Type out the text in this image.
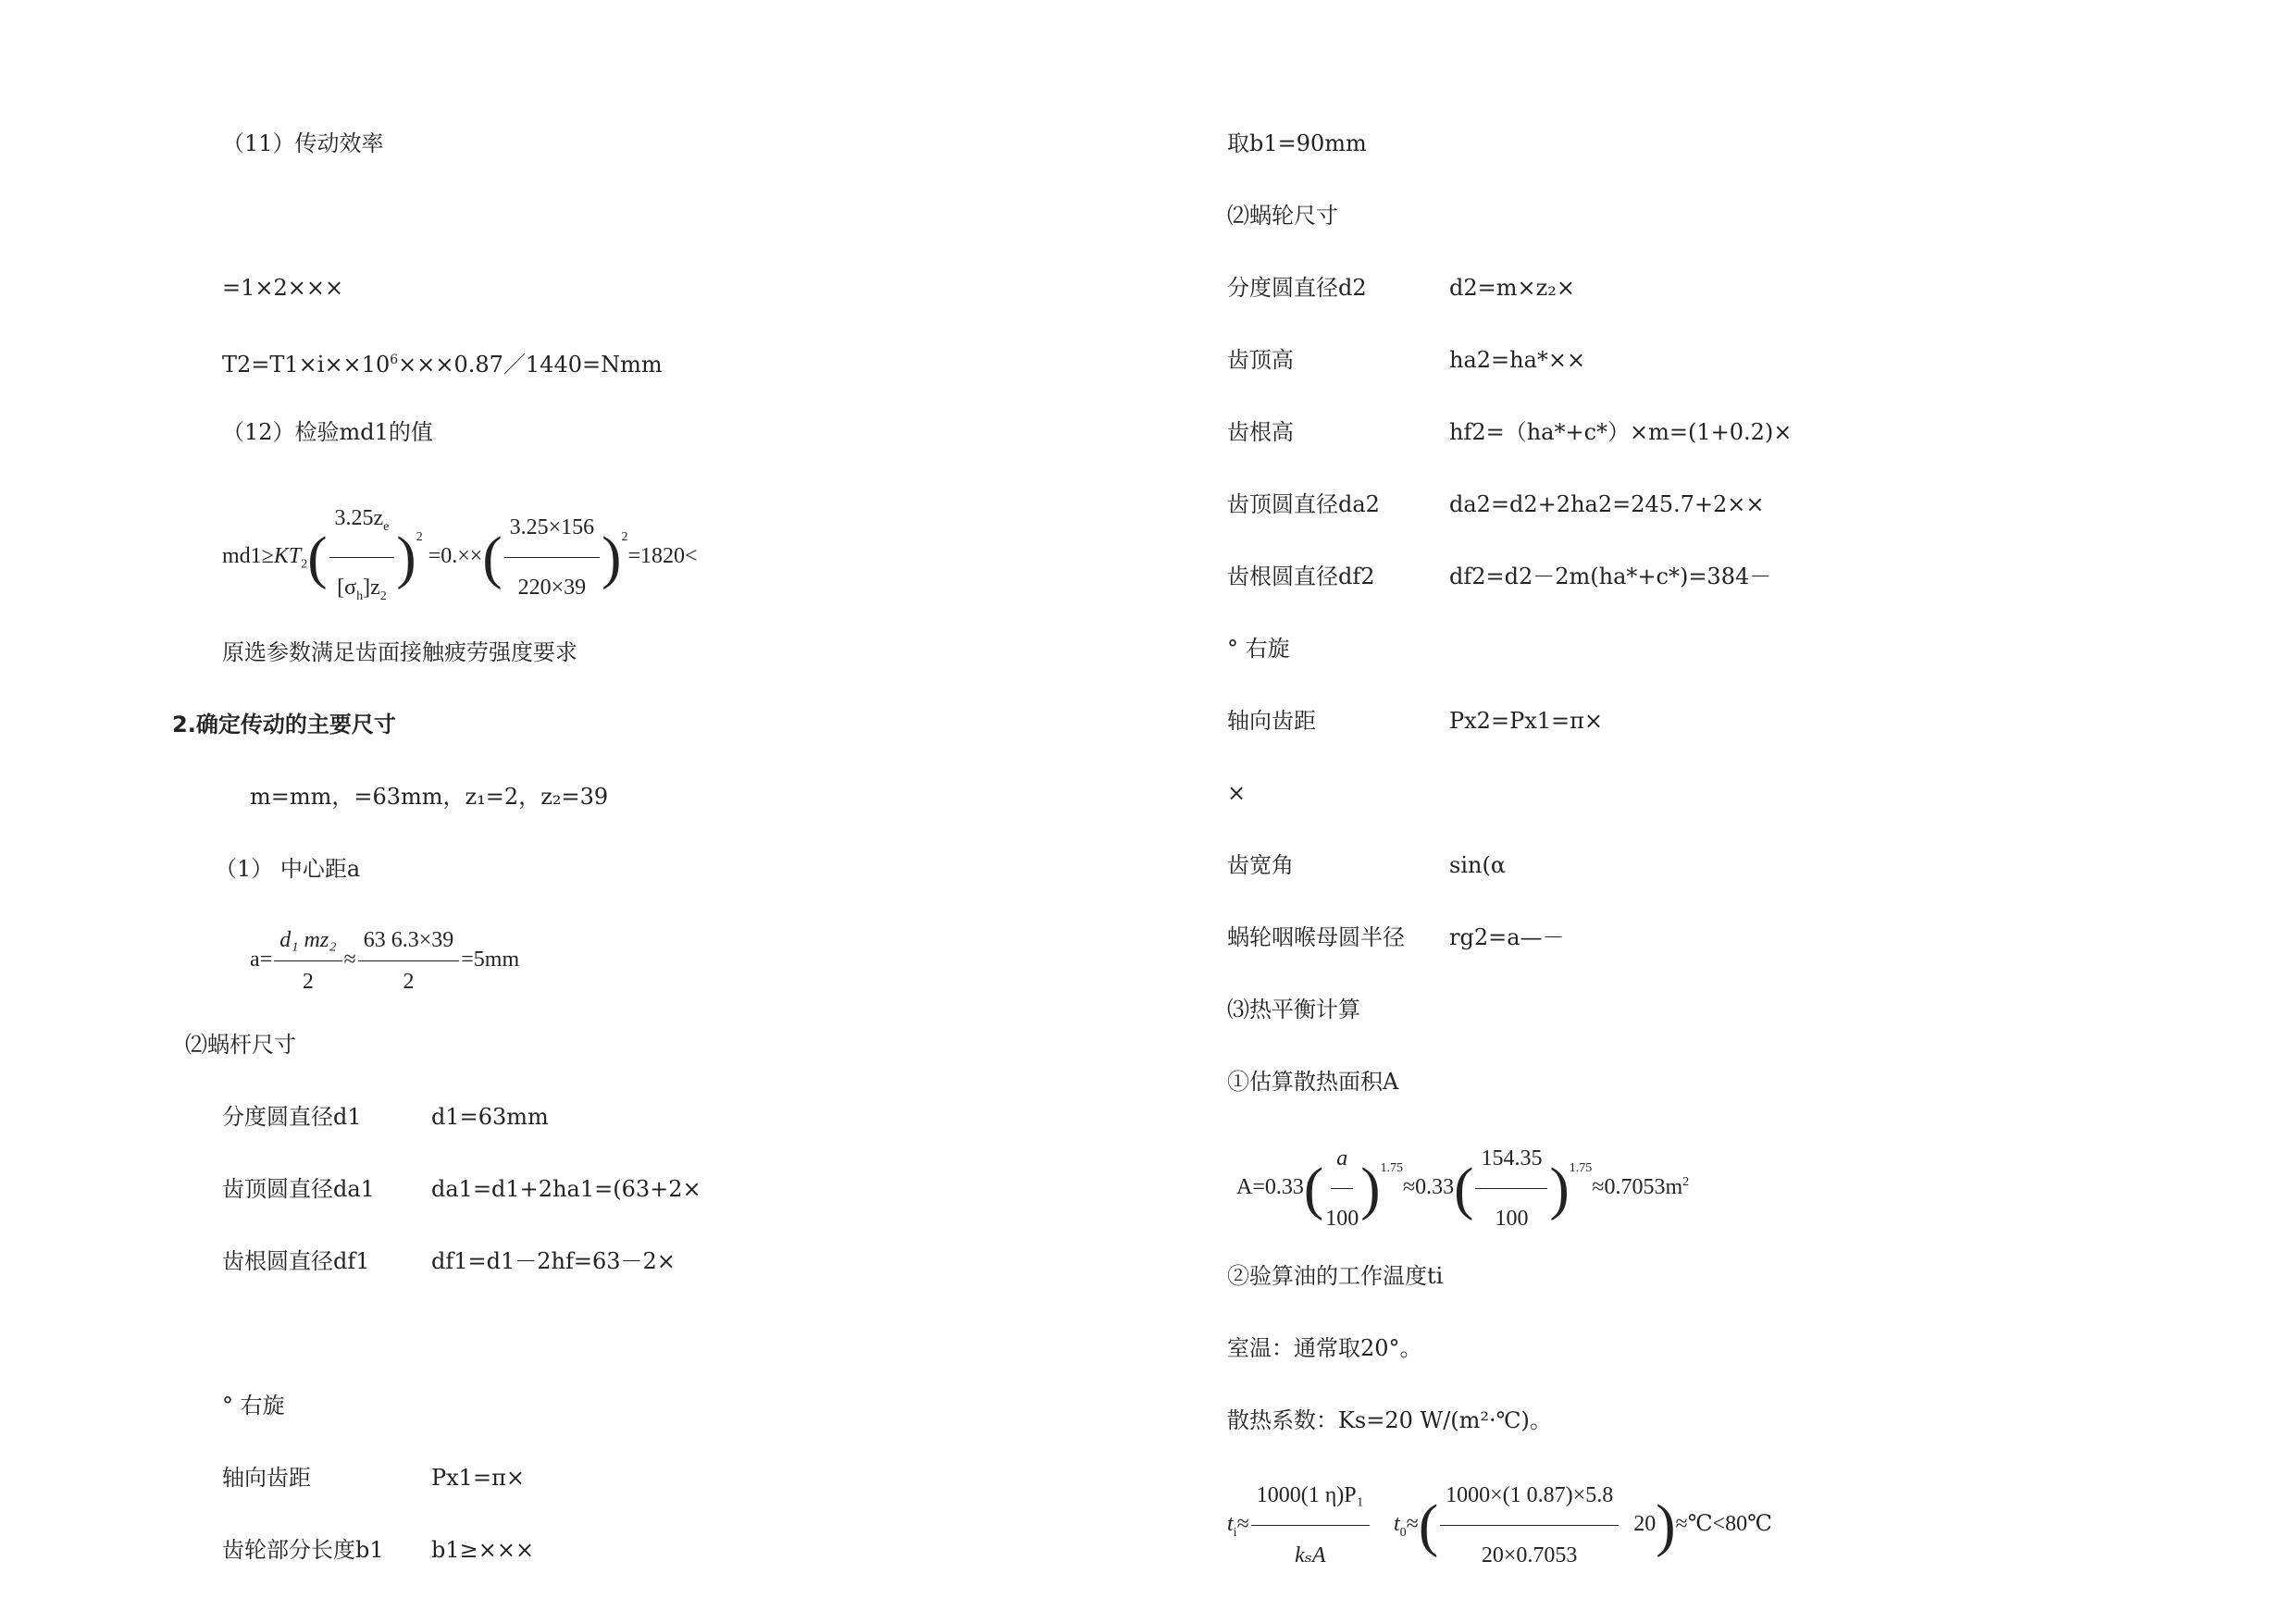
（11）传动效率
=1×2×××
$T2=T1\times i\times\times 10^6\times\times\times 0.87/1440=Nmm$
（12）检验md1的值
$md1\ge KT_2( \frac{3.25z_e}{[\sigma_h]z_2} )^2 =0.\times\times( \frac{3.25\times 156}{220\times 39} )^2=1820<$
原选参数满足齿面接触疲劳强度要求
2.确定传动的主要尺寸
m=mm，=63mm，z₁=2，z₂=39
（1） 中心距a
$a= \frac{\text{d₁ mz₂}}{2} \approx \frac{63 6.3\times 39}{2} =5mm$
⑵蜗杆尺寸
分度圆直径d1	d1=63mm
齿顶圆直径da1	da1=d1+2ha1=(63+2×
齿根圆直径df1	df1=d1－2hf=63－2×
° 右旋
轴向齿距	Px1=π×
齿轮部分长度b1 b1≥×××
取b1=90mm
⑵蜗轮尺寸
分度圆直径d2	d2=m×z₂×
齿顶高	ha2=ha*××
齿根高	hf2=（ha*+c*）×m=(1+0.2)×
齿顶圆直径da2	da2=d2+2ha2=245.7+2××
齿根圆直径df2	df2=d2－2m(ha*+c*)=384－
° 右旋
轴向齿距	Px2=Px1=π×
×
齿宽角	sin(α
蜗轮咽喉母圆半径 rg2=a—－
⑶热平衡计算
①估算散热面积A
$A=0.33( \frac{a}{100} )^{1.75}\approx 0.33( \frac{154.35}{100} )^{1.75}\approx 0.7053m^2$
②验算油的工作温度ti
室温：通常取20°。
散热系数：Ks=20 W/(m²·℃)。
$t_i\approx \frac{\text{1000(1 η)P₁}}{\text{kₛA}} t_0\approx( \frac{1000\times(1 0.87)\times 5.8}{20\times 0.7053}$ 20)≈℃<80℃
